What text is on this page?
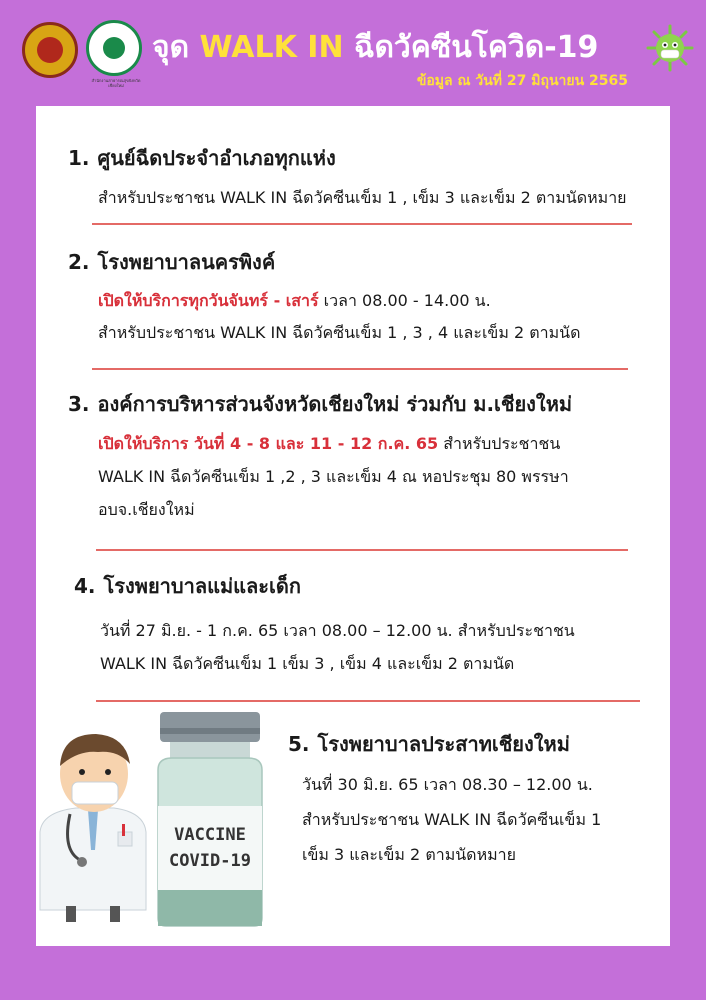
สำนักงานสาธารณสุขจังหวัดเชียงใหม่
จุด WALK IN ฉีดวัคซีนโควิด-19
ข้อมูล ณ วันที่ 27 มิถุนายน 2565
1. ศูนย์ฉีดประจำอำเภอทุกแห่ง
สำหรับประชาชน WALK IN ฉีดวัคซีนเข็ม 1 , เข็ม 3 และเข็ม 2 ตามนัดหมาย
2. โรงพยาบาลนครพิงค์
เปิดให้บริการทุกวันจันทร์ - เสาร์ เวลา 08.00 - 14.00 น.
สำหรับประชาชน WALK IN ฉีดวัคซีนเข็ม 1 , 3 , 4 และเข็ม 2 ตามนัด
3. องค์การบริหารส่วนจังหวัดเชียงใหม่ ร่วมกับ ม.เชียงใหม่
เปิดให้บริการ วันที่ 4 - 8 และ 11 - 12 ก.ค. 65 สำหรับประชาชน
WALK IN ฉีดวัคซีนเข็ม 1 ,2 , 3 และเข็ม 4 ณ หอประชุม 80 พรรษา
อบจ.เชียงใหม่
4. โรงพยาบาลแม่และเด็ก
วันที่ 27 มิ.ย. - 1 ก.ค. 65 เวลา 08.00 – 12.00 น. สำหรับประชาชน
WALK IN ฉีดวัคซีนเข็ม 1 เข็ม 3 , เข็ม 4 และเข็ม 2 ตามนัด
VACCINE
COVID-19
5. โรงพยาบาลประสาทเชียงใหม่
วันที่ 30 มิ.ย. 65 เวลา 08.30 – 12.00 น.
สำหรับประชาชน WALK IN ฉีดวัคซีนเข็ม 1
เข็ม 3 และเข็ม 2 ตามนัดหมาย
